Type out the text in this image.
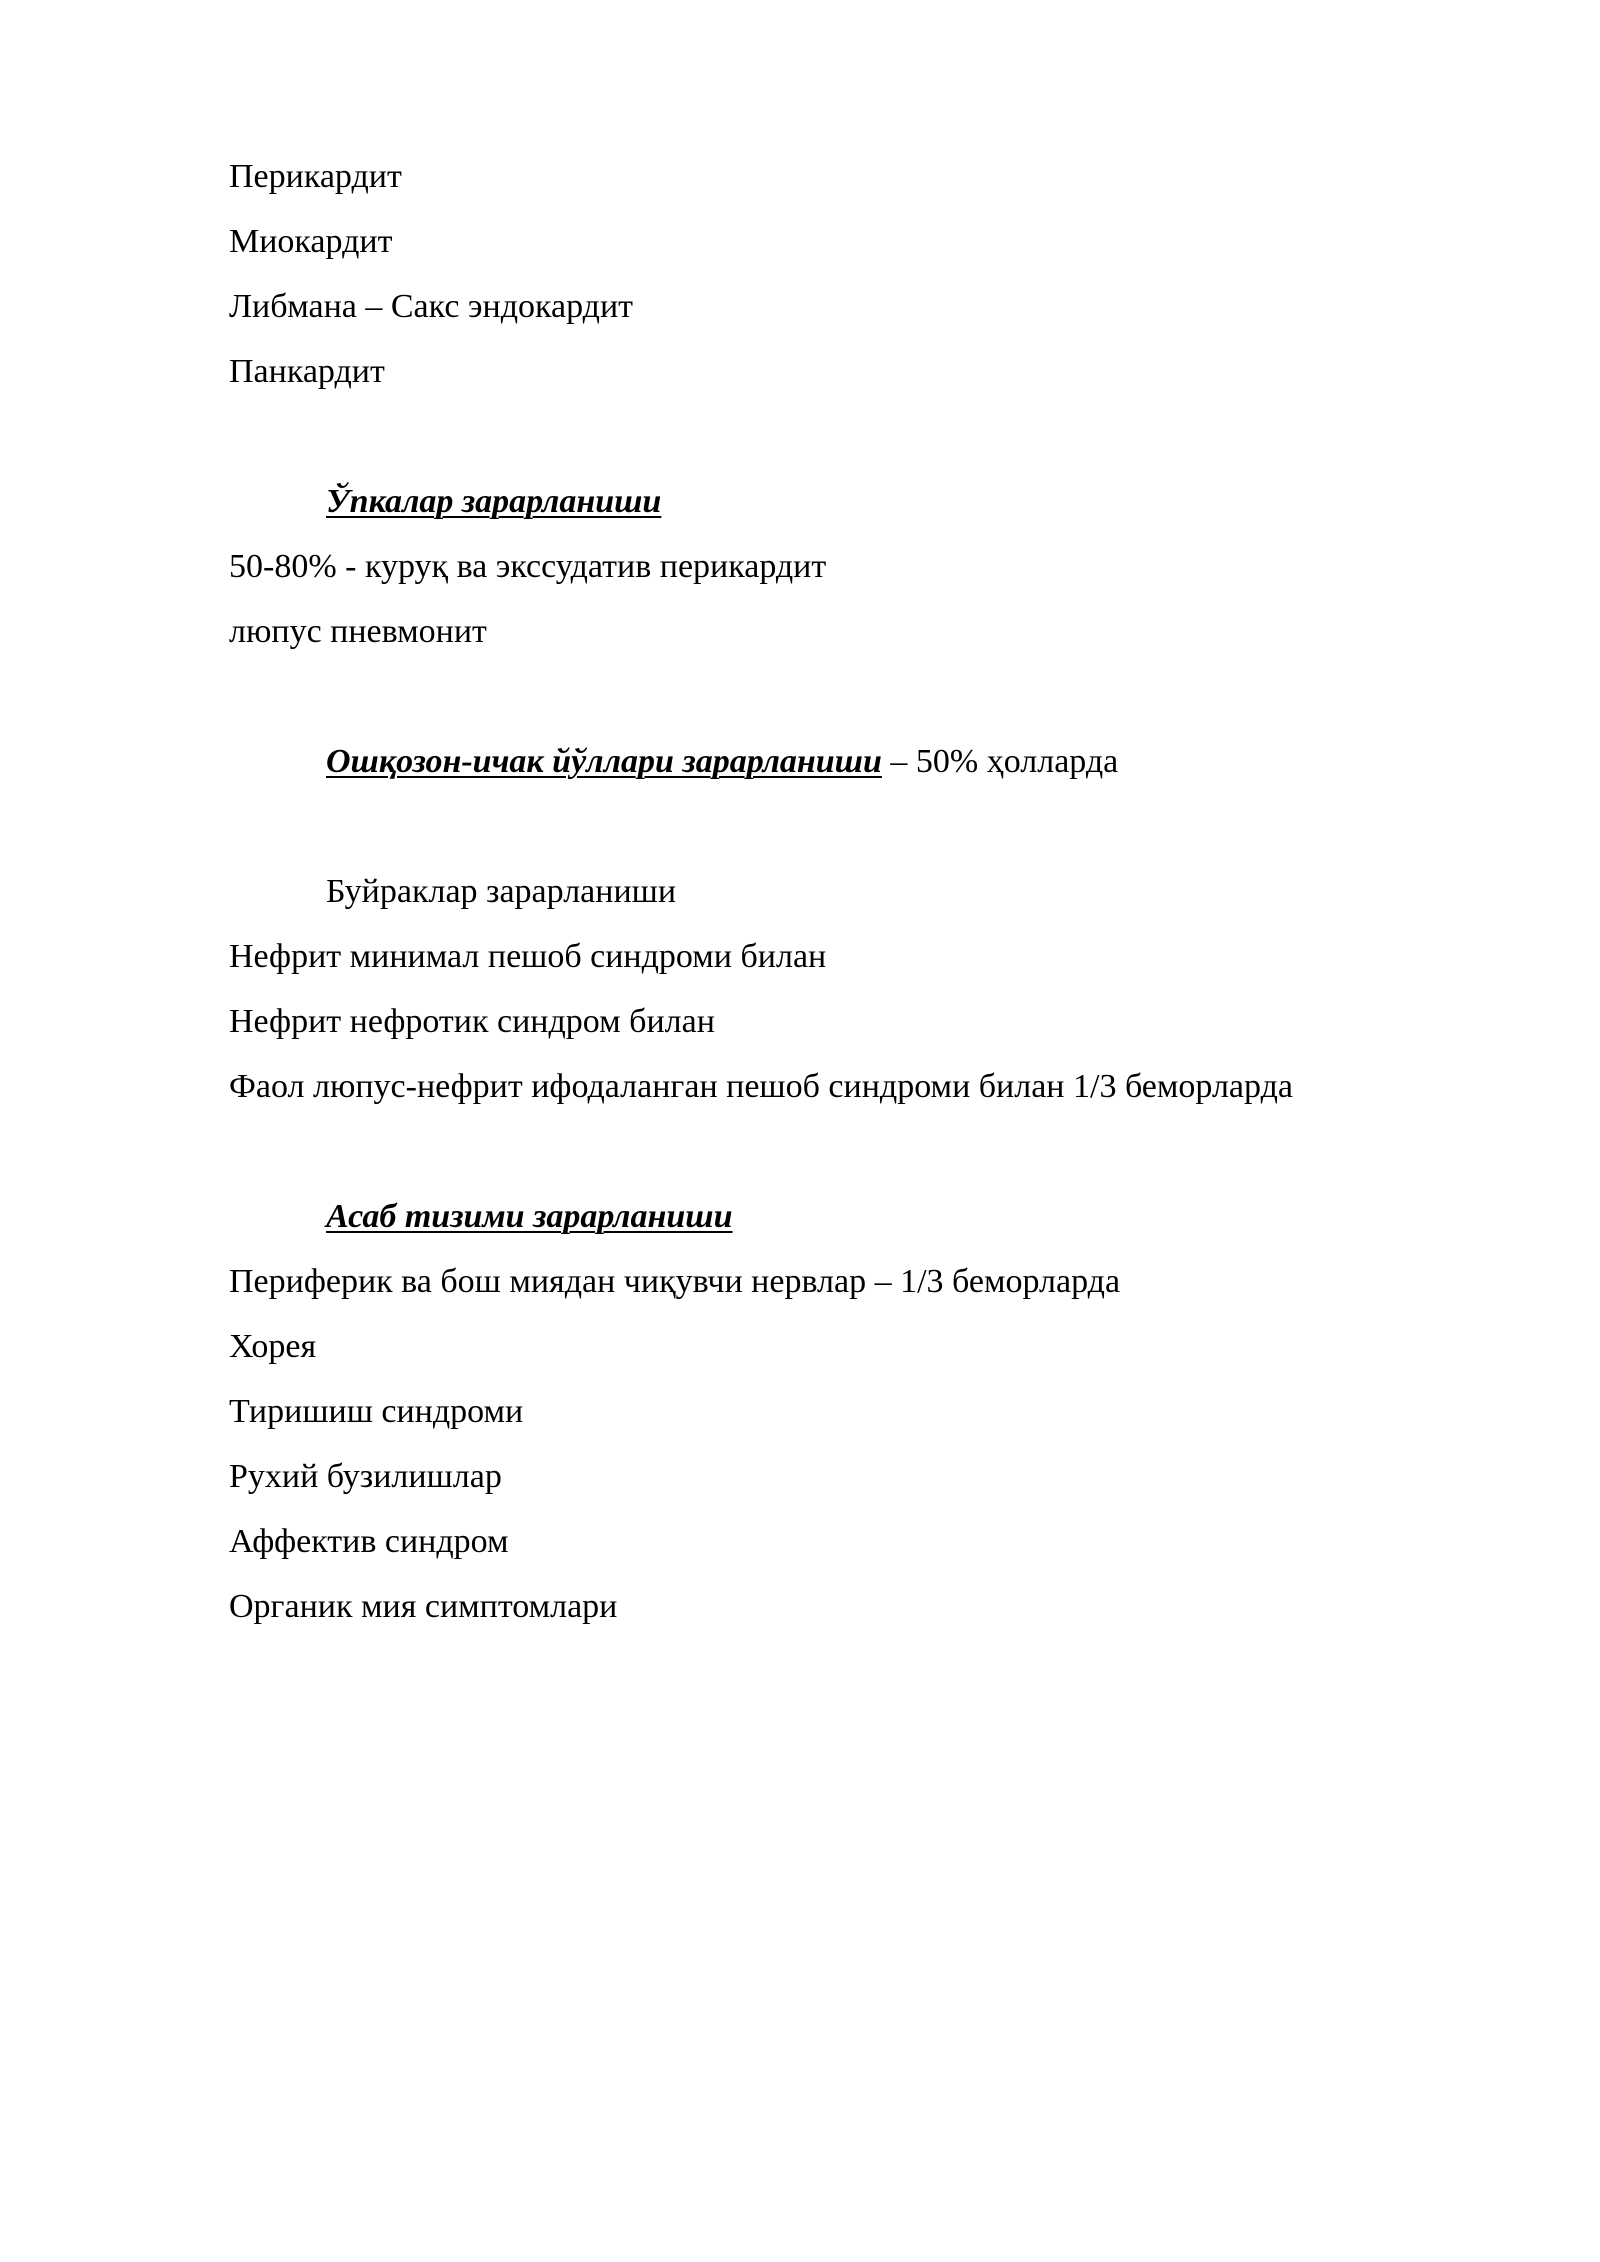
Перикардит
Миокардит
Либмана – Сакс эндокардит
Панкардит
Ўпкалар зарарланиши
50-80% - куруқ ва экссудатив перикардит
люпус пневмонит
Ошқозон-ичак йўллари зарарланиши – 50% ҳолларда
Буйраклар зарарланиши
Нефрит минимал пешоб синдроми билан
Нефрит нефротик синдром билан
Фаол люпус-нефрит ифодаланган пешоб синдроми билан 1/3 беморларда
Асаб тизими зарарланиши
Периферик ва бош миядан чиқувчи нервлар – 1/3 беморларда
Хорея
Тиришиш синдроми
Рухий бузилишлар
Аффектив синдром
Органик мия симптомлари
